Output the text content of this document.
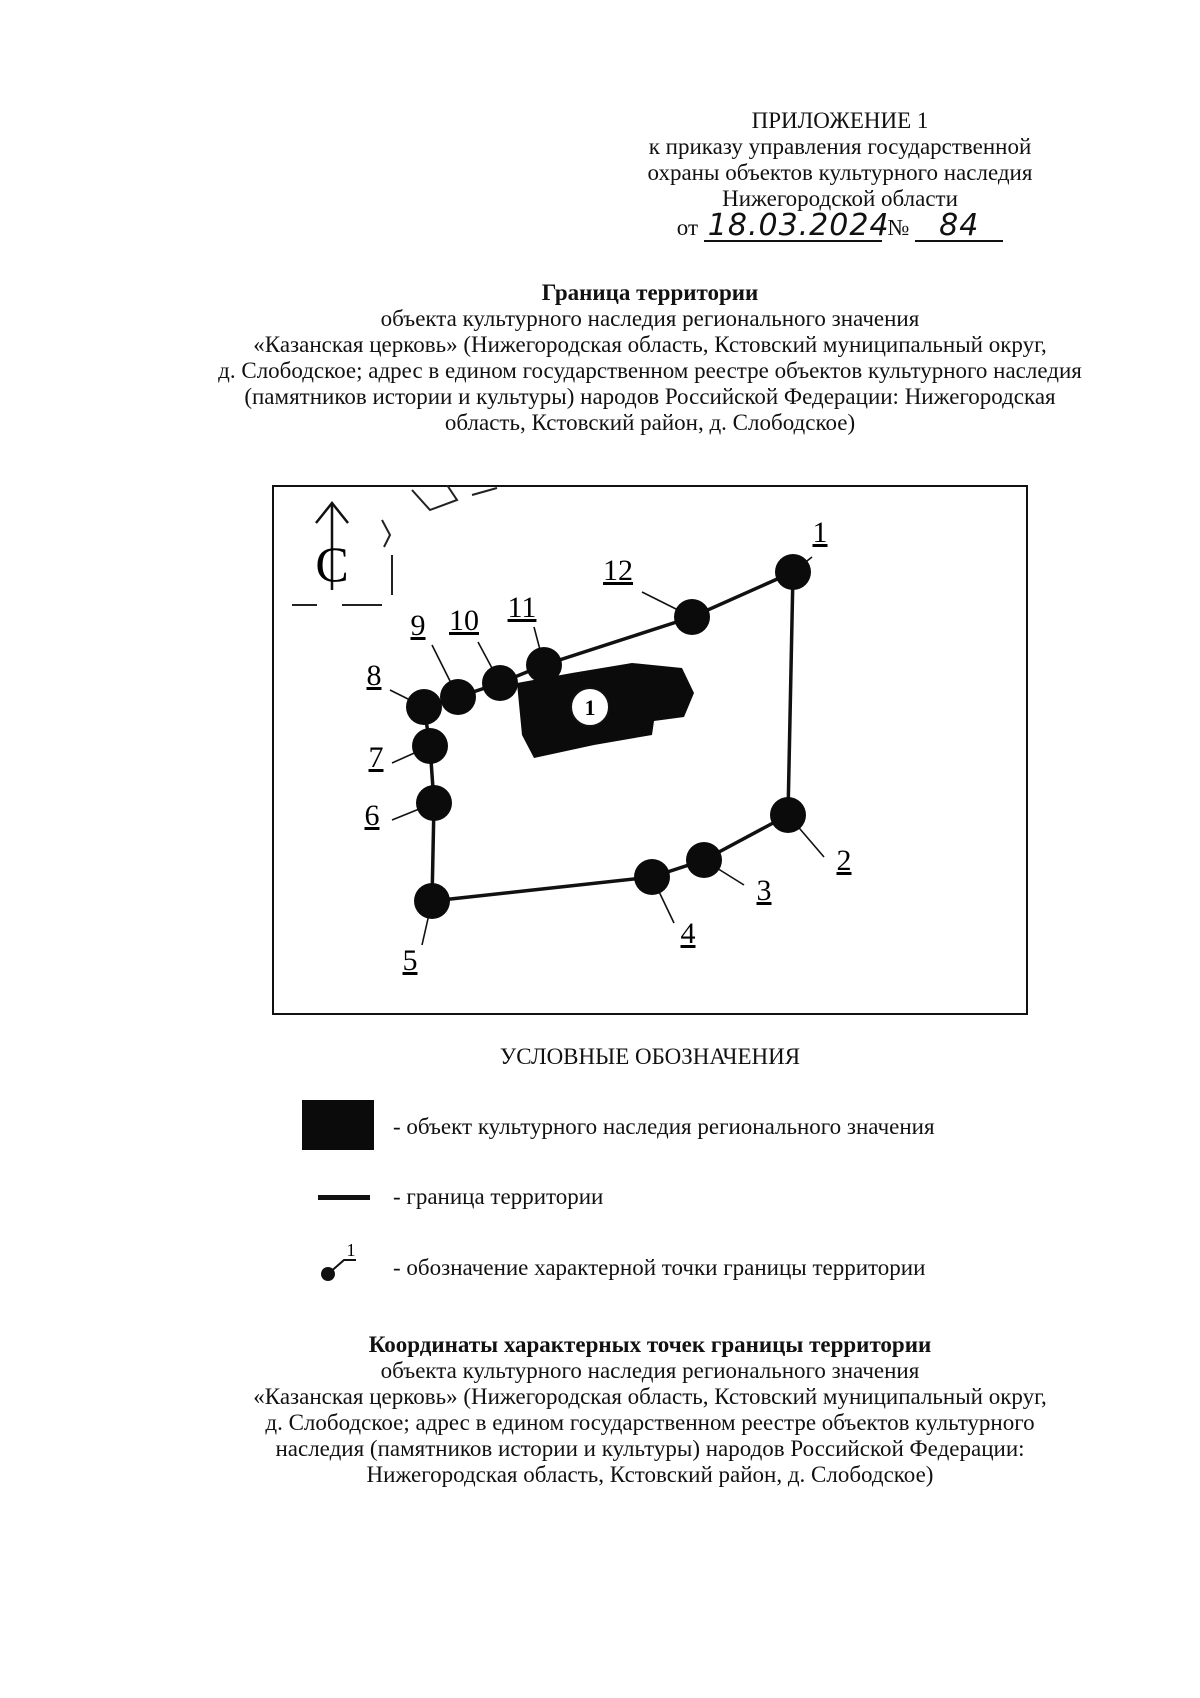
ПРИЛОЖЕНИЕ 1
к приказу управления государственной
охраны объектов культурного наследия
Нижегородской области
от 18.03.2024 № 84
Граница территории
объекта культурного наследия регионального значения
«Казанская церковь» (Нижегородская область, Кстовский муниципальный округ,
д. Слободское; адрес в едином государственном реестре объектов культурного наследия
(памятников истории и культуры) народов Российской Федерации: Нижегородская
область, Кстовский район, д. Слободское)
С
1
1
2
3
4
5
6
7
8
9 10 11
12
УСЛОВНЫЕ ОБОЗНАЧЕНИЯ
- объект культурного наследия регионального значения
- граница территории
1
- обозначение характерной точки границы территории
Координаты характерных точек границы территории
объекта культурного наследия регионального значения
«Казанская церковь» (Нижегородская область, Кстовский муниципальный округ,
д. Слободское; адрес в едином государственном реестре объектов культурного
наследия (памятников истории и культуры) народов Российской Федерации:
Нижегородская область, Кстовский район, д. Слободское)
